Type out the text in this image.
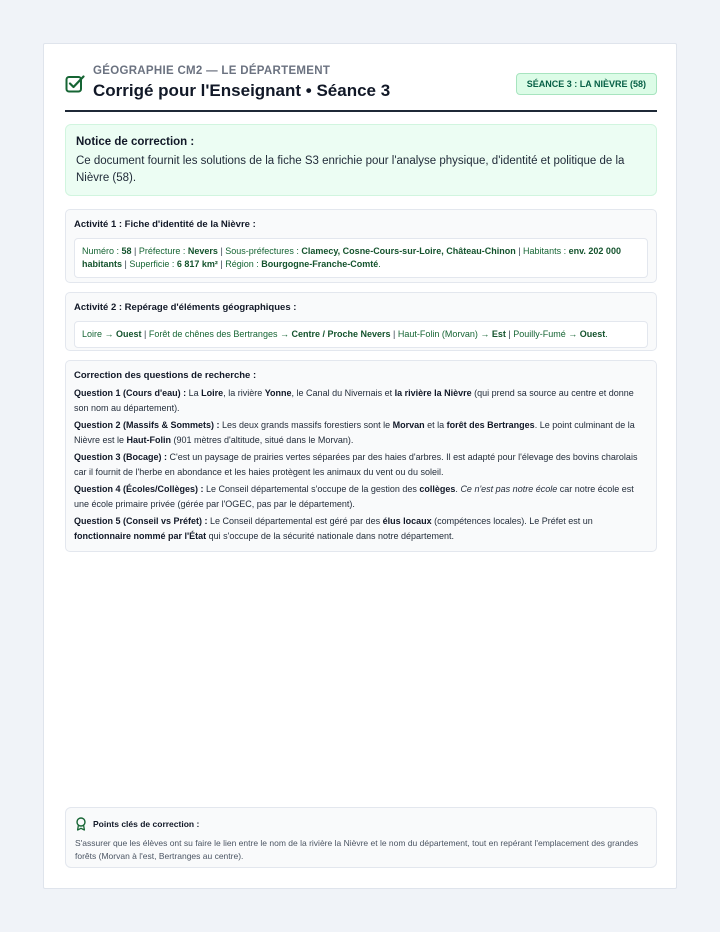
GÉOGRAPHIE CM2 — LE DÉPARTEMENT
Corrigé pour l'Enseignant • Séance 3	SÉANCE 3 : LA NIÈVRE (58)
Notice de correction :
Ce document fournit les solutions de la fiche S3 enrichie pour l'analyse physique, d'identité et politique de la Nièvre (58).
Activité 1 : Fiche d'identité de la Nièvre :
Numéro : 58 | Préfecture : Nevers | Sous-préfectures : Clamecy, Cosne-Cours-sur-Loire, Château-Chinon | Habitants : env. 202 000 habitants | Superficie : 6 817 km² | Région : Bourgogne-Franche-Comté.
Activité 2 : Repérage d'éléments géographiques :
Loire → Ouest | Forêt de chênes des Bertranges → Centre / Proche Nevers | Haut-Folin (Morvan) → Est | Pouilly-Fumé → Ouest.
Correction des questions de recherche :

Question 1 (Cours d'eau) : La Loire, la rivière Yonne, le Canal du Nivernais et la rivière la Nièvre (qui prend sa source au centre et donne son nom au département).

Question 2 (Massifs & Sommets) : Les deux grands massifs forestiers sont le Morvan et la forêt des Bertranges. Le point culminant de la Nièvre est le Haut-Folin (901 mètres d'altitude, situé dans le Morvan).

Question 3 (Bocage) : C'est un paysage de prairies vertes séparées par des haies d'arbres. Il est adapté pour l'élevage des bovins charolais car il fournit de l'herbe en abondance et les haies protègent les animaux du vent ou du soleil.

Question 4 (Écoles/Collèges) : Le Conseil départemental s'occupe de la gestion des collèges. Ce n'est pas notre école car notre école est une école primaire privée (gérée par l'OGEC, pas par le département).

Question 5 (Conseil vs Préfet) : Le Conseil départemental est géré par des élus locaux (compétences locales). Le Préfet est un fonctionnaire nommé par l'État qui s'occupe de la sécurité nationale dans notre département.

Points clés de correction :
S'assurer que les élèves ont su faire le lien entre le nom de la rivière la Nièvre et le nom du département, tout en repérant l'emplacement des grandes forêts (Morvan à l'est, Bertranges au centre).
